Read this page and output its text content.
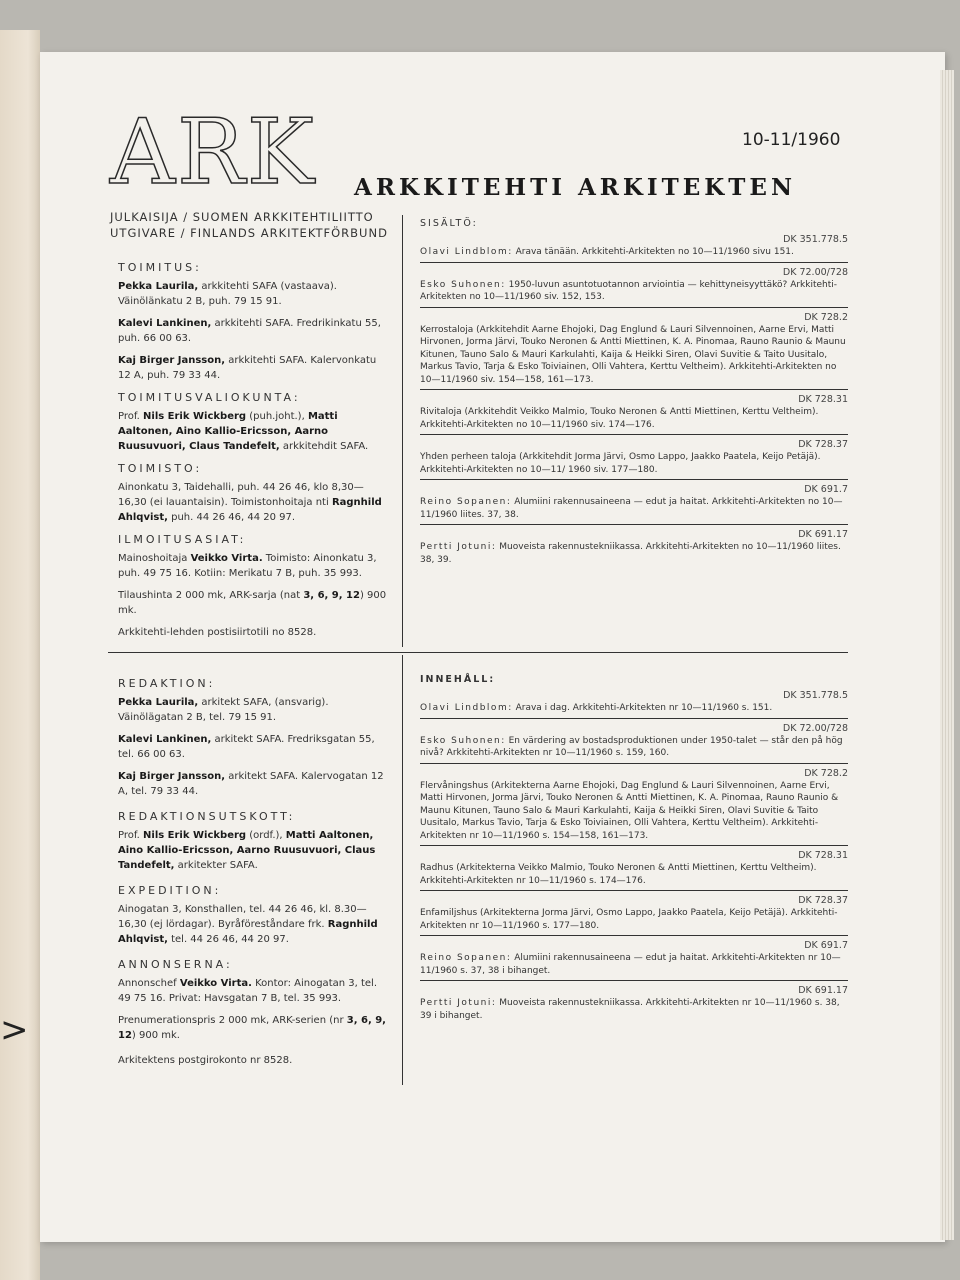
>
ARK	10-11/1960
ARKKITEHTI ARKITEKTEN
JULKAISIJA / SUOMEN ARKKITEHTILIITTO
UTGIVARE / FINLANDS ARKITEKTFÖRBUND
TOIMITUS:
Pekka Laurila, arkkitehti SAFA (vastaava). Väinölänkatu 2 B, puh. 79 15 91.
Kalevi Lankinen, arkkitehti SAFA. Fredrikinkatu 55, puh. 66 00 63.
Kaj Birger Jansson, arkkitehti SAFA. Kalervonkatu 12 A, puh. 79 33 44.
TOIMITUSVALIOKUNTA:
Prof. Nils Erik Wickberg (puh.joht.), Matti Aaltonen, Aino Kallio-Ericsson, Aarno Ruusuvuori, Claus Tandefelt, arkkitehdit SAFA.
TOIMISTO:
Ainonkatu 3, Taidehalli, puh. 44 26 46, klo 8,30—16,30 (ei lauantaisin). Toimistonhoitaja nti Ragnhild Ahlqvist, puh. 44 26 46, 44 20 97.
ILMOITUSASIAT:
Mainoshoitaja Veikko Virta. Toimisto: Ainonkatu 3, puh. 49 75 16. Kotiin: Merikatu 7 B, puh. 35 993.
Tilaushinta 2 000 mk, ARK-sarja (nat 3, 6, 9, 12) 900 mk.
Arkkitehti-lehden postisiirtotili no 8528.
REDAKTION:
Pekka Laurila, arkitekt SAFA, (ansvarig). Väinölägatan 2 B, tel. 79 15 91.
Kalevi Lankinen, arkitekt SAFA. Fredriksgatan 55, tel. 66 00 63.
Kaj Birger Jansson, arkitekt SAFA. Kalervogatan 12 A, tel. 79 33 44.
REDAKTIONSUTSKOTT:
Prof. Nils Erik Wickberg (ordf.), Matti Aaltonen, Aino Kallio-Ericsson, Aarno Ruusuvuori, Claus Tandefelt, arkitekter SAFA.
EXPEDITION:
Ainogatan 3, Konsthallen, tel. 44 26 46, kl. 8.30—16,30 (ej lördagar). Byråföreståndare frk. Ragnhild Ahlqvist, tel. 44 26 46, 44 20 97.
ANNONSERNA:
Annonschef Veikko Virta. Kontor: Ainogatan 3, tel. 49 75 16. Privat: Havsgatan 7 B, tel. 35 993.
Prenumerationspris 2 000 mk, ARK-serien (nr 3, 6, 9, 12) 900 mk.
Arkitektens postgirokonto nr 8528.
SISÄLTÖ:
DK 351.778.5
Olavi Lindblom: Arava tänään. Arkkitehti-Arkitekten no 10—11/1960 sivu 151.
DK 72.00/728
Esko Suhonen: 1950-luvun asuntotuotannon arviointia — kehittyneisyyttäkö? Arkkitehti-Arkitekten no 10—11/1960 siv. 152, 153.
DK 728.2
Kerrostaloja (Arkkitehdit Aarne Ehojoki, Dag Englund & Lauri Silvennoinen, Aarne Ervi, Matti Hirvonen, Jorma Järvi, Touko Neronen & Antti Miettinen, K. A. Pinomaa, Rauno Raunio & Maunu Kitunen, Tauno Salo & Mauri Karkulahti, Kaija & Heikki Siren, Olavi Suvitie & Taito Uusitalo, Markus Tavio, Tarja & Esko Toiviainen, Olli Vahtera, Kerttu Veltheim). Arkkitehti-Arkitekten no 10—11/1960 siv. 154—158, 161—173.
DK 728.31
Rivitaloja (Arkkitehdit Veikko Malmio, Touko Neronen & Antti Miettinen, Kerttu Veltheim). Arkkitehti-Arkitekten no 10—11/1960 siv. 174—176.
DK 728.37
Yhden perheen taloja (Arkkitehdit Jorma Järvi, Osmo Lappo, Jaakko Paatela, Keijo Petäjä). Arkkitehti-Arkitekten no 10—11/ 1960 siv. 177—180.
DK 691.7
Reino Sopanen: Alumiini rakennusaineena — edut ja haitat. Arkkitehti-Arkitekten no 10—11/1960 liites. 37, 38.
DK 691.17
Pertti Jotuni: Muoveista rakennustekniikassa. Arkkitehti-Arkitekten no 10—11/1960 liites. 38, 39.
INNEHÅLL:
DK 351.778.5
Olavi Lindblom: Arava i dag. Arkkitehti-Arkitekten nr 10—11/1960 s. 151.
DK 72.00/728
Esko Suhonen: En värdering av bostadsproduktionen under 1950-talet — står den på hög nivå? Arkkitehti-Arkitekten nr 10—11/1960 s. 159, 160.
DK 728.2
Flervåningshus (Arkitekterna Aarne Ehojoki, Dag Englund & Lauri Silvennoinen, Aarne Ervi, Matti Hirvonen, Jorma Järvi, Touko Neronen & Antti Miettinen, K. A. Pinomaa, Rauno Raunio & Maunu Kitunen, Tauno Salo & Mauri Karkulahti, Kaija & Heikki Siren, Olavi Suvitie & Taito Uusitalo, Markus Tavio, Tarja & Esko Toiviainen, Olli Vahtera, Kerttu Veltheim). Arkkitehti-Arkitekten nr 10—11/1960 s. 154—158, 161—173.
DK 728.31
Radhus (Arkitekterna Veikko Malmio, Touko Neronen & Antti Miettinen, Kerttu Veltheim). Arkkitehti-Arkitekten nr 10—11/1960 s. 174—176.
DK 728.37
Enfamiljshus (Arkitekterna Jorma Järvi, Osmo Lappo, Jaakko Paatela, Keijo Petäjä). Arkkitehti-Arkitekten nr 10—11/1960 s. 177—180.
DK 691.7
Reino Sopanen: Alumiini rakennusaineena — edut ja haitat. Arkkitehti-Arkitekten nr 10—11/1960 s. 37, 38 i bihanget.
DK 691.17
Pertti Jotuni: Muoveista rakennustekniikassa. Arkkitehti-Arkitekten nr 10—11/1960 s. 38, 39 i bihanget.
